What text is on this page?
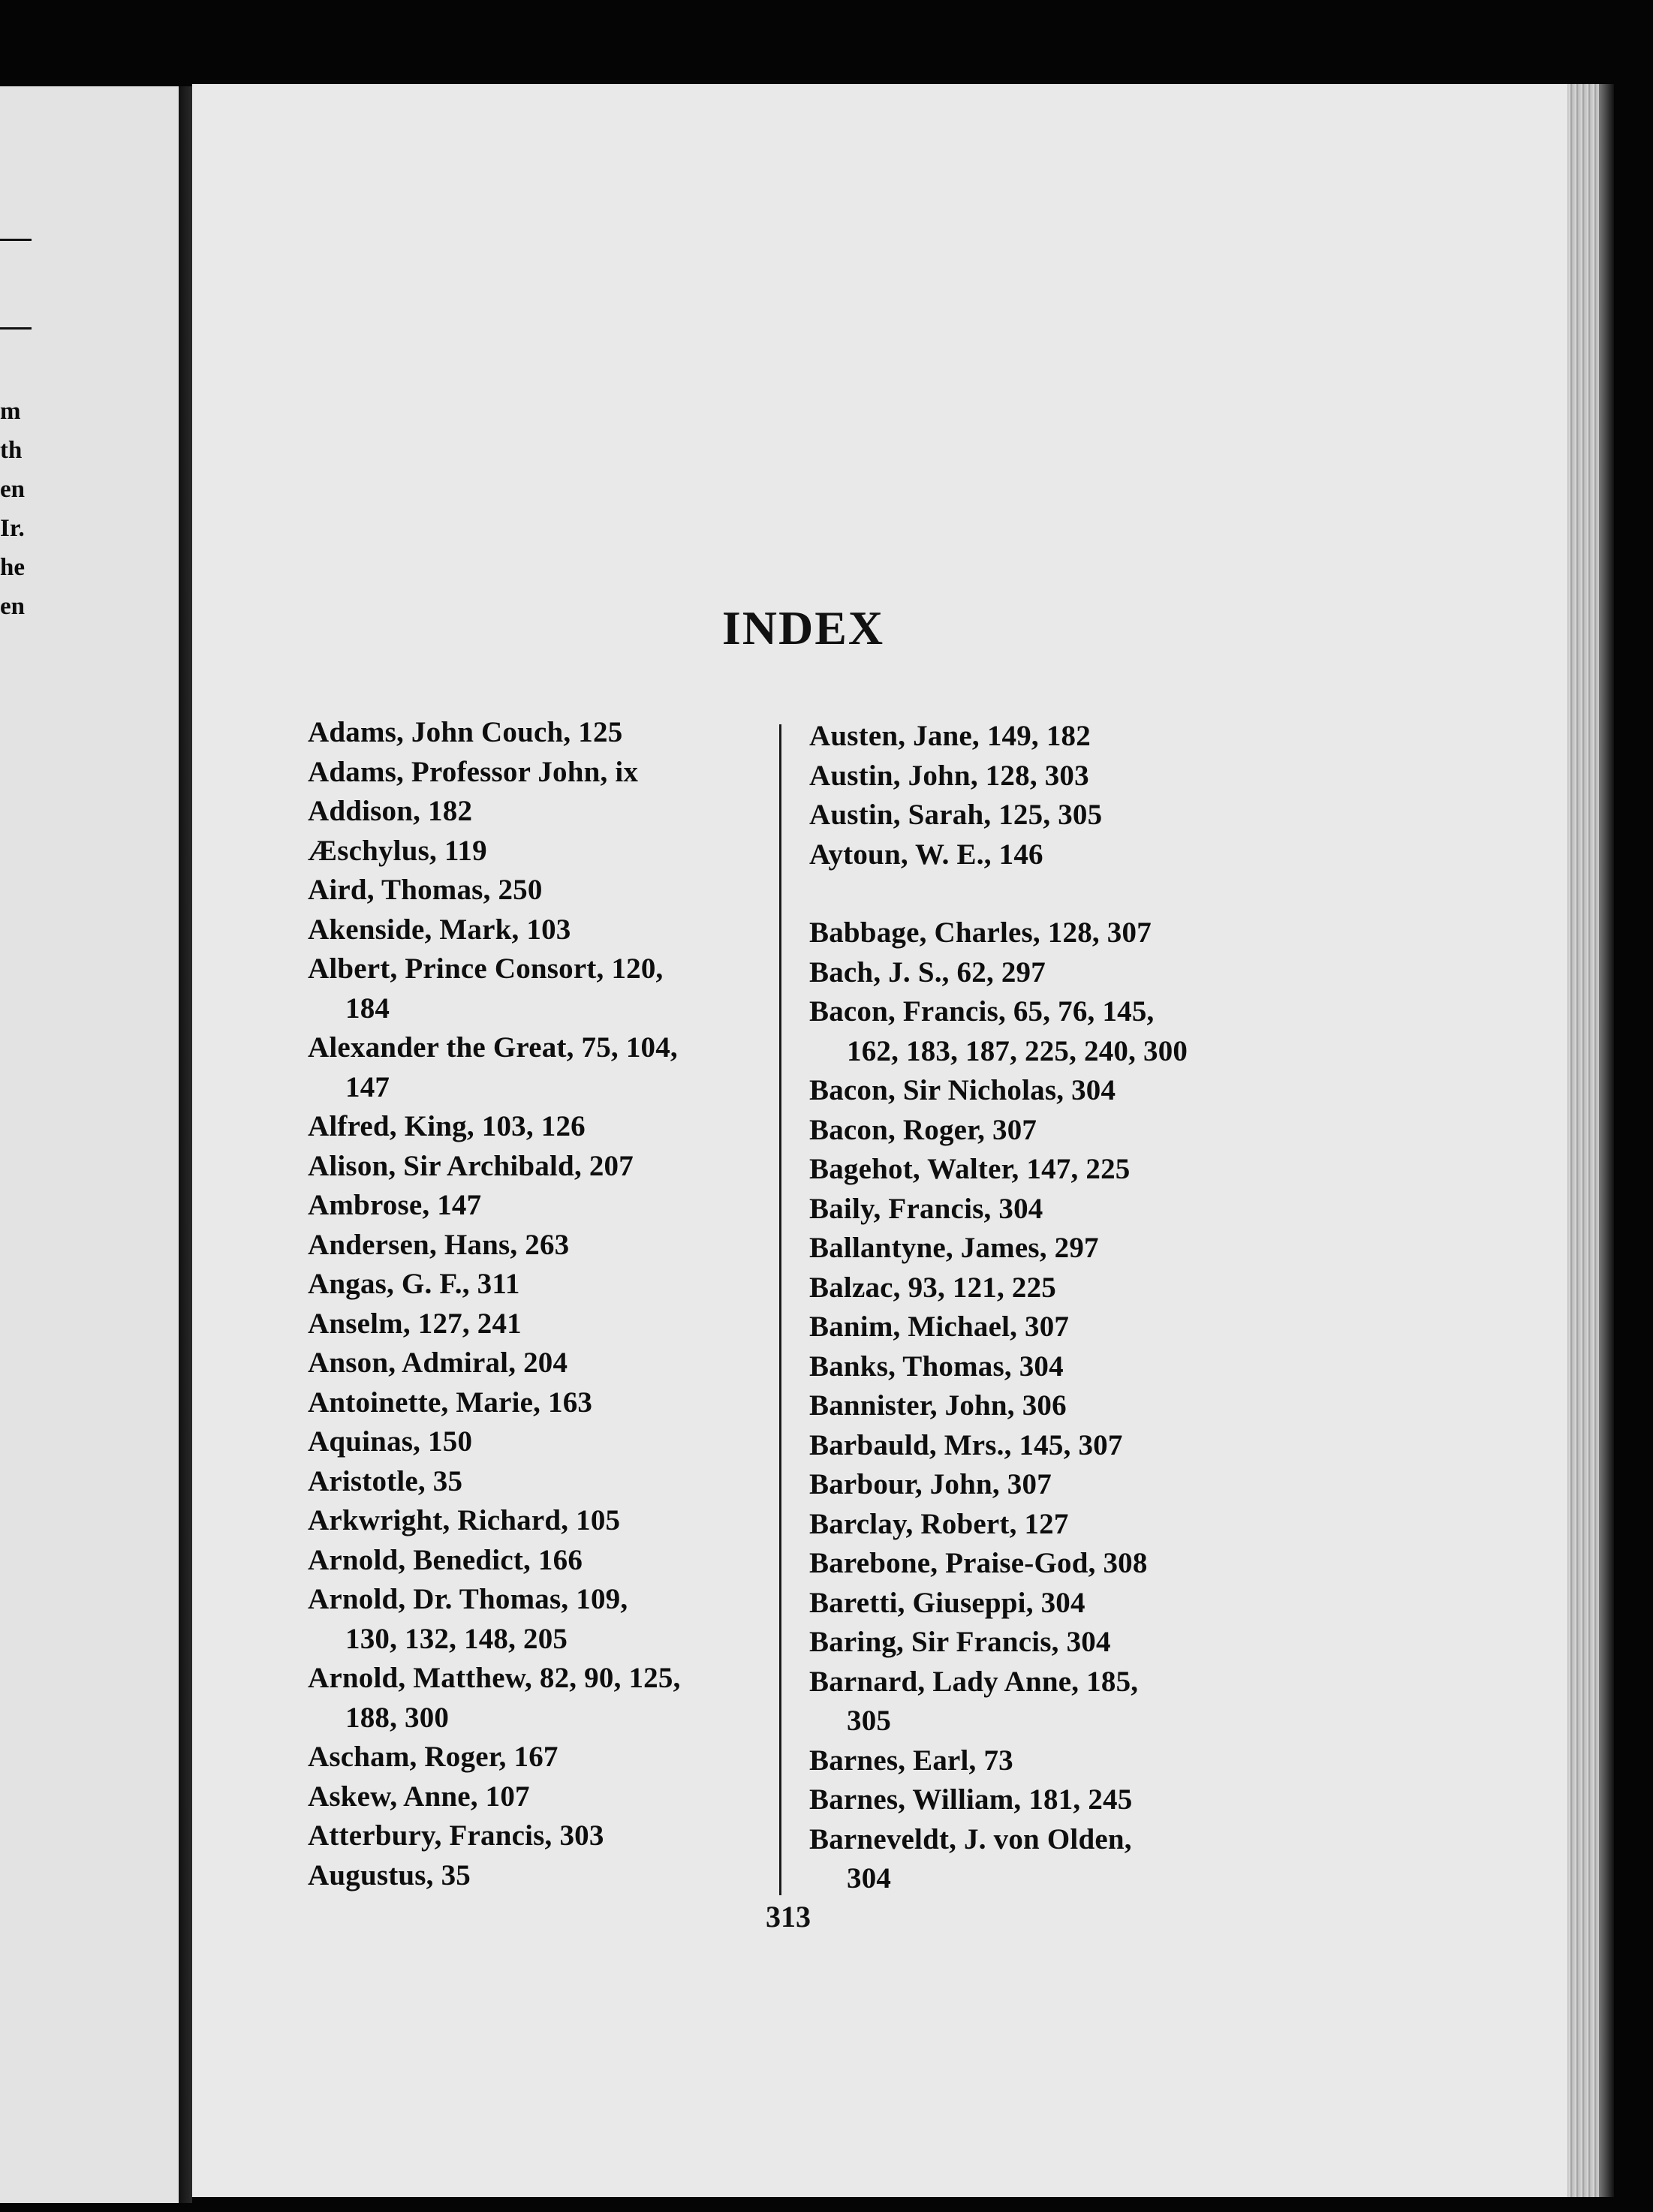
m
th
en
Ir.
he
en	INDEX
Adams, John Couch, 125
Adams, Professor John, ix
Addison, 182
Æschylus, 119
Aird, Thomas, 250
Akenside, Mark, 103
Albert, Prince Consort, 120,
184
Alexander the Great, 75, 104,
147
Alfred, King, 103, 126
Alison, Sir Archibald, 207
Ambrose, 147
Andersen, Hans, 263
Angas, G. F., 311
Anselm, 127, 241
Anson, Admiral, 204
Antoinette, Marie, 163
Aquinas, 150
Aristotle, 35
Arkwright, Richard, 105
Arnold, Benedict, 166
Arnold, Dr. Thomas, 109,
130, 132, 148, 205
Arnold, Matthew, 82, 90, 125,
188, 300
Ascham, Roger, 167
Askew, Anne, 107
Atterbury, Francis, 303
Augustus, 35
Austen, Jane, 149, 182
Austin, John, 128, 303
Austin, Sarah, 125, 305
Aytoun, W. E., 146
Babbage, Charles, 128, 307
Bach, J. S., 62, 297
Bacon, Francis, 65, 76, 145,
162, 183, 187, 225, 240, 300
Bacon, Sir Nicholas, 304
Bacon, Roger, 307
Bagehot, Walter, 147, 225
Baily, Francis, 304
Ballantyne, James, 297
Balzac, 93, 121, 225
Banim, Michael, 307
Banks, Thomas, 304
Bannister, John, 306
Barbauld, Mrs., 145, 307
Barbour, John, 307
Barclay, Robert, 127
Barebone, Praise-God, 308
Baretti, Giuseppi, 304
Baring, Sir Francis, 304
Barnard, Lady Anne, 185,
305
Barnes, Earl, 73
Barnes, William, 181, 245
Barneveldt, J. von Olden,
304
313
